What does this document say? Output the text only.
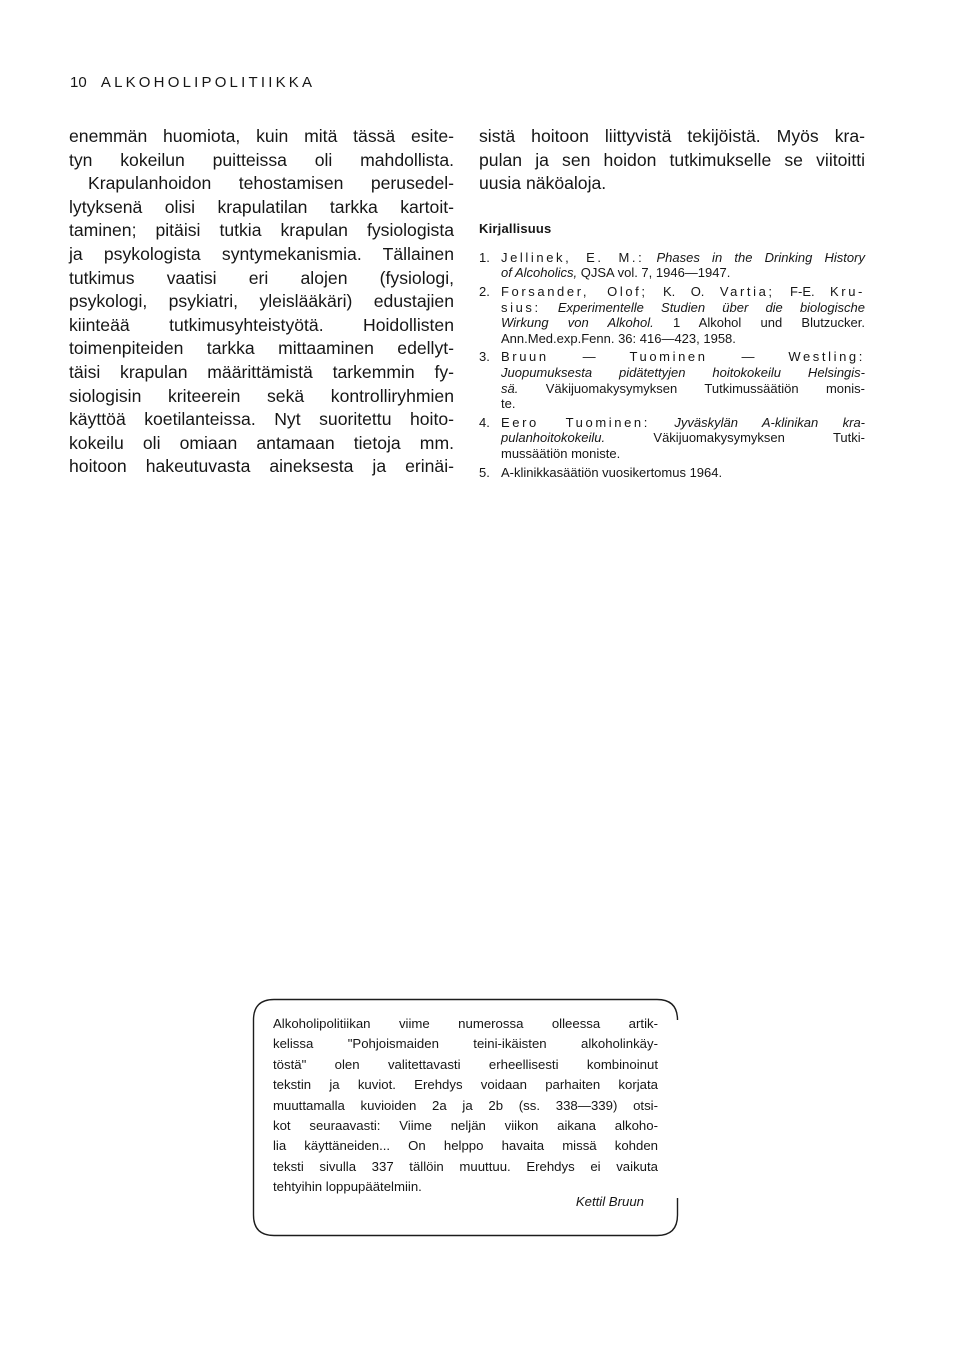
10 ALKOHOLIPOLITIIKKA
enemmän huomiota, kuin mitä tässä esite-
tyn kokeilun puitteissa oli mahdollista.
Krapulanhoidon tehostamisen perusedel-
lytyksenä olisi krapulatilan tarkka kartoit-
taminen; pitäisi tutkia krapulan fysiologista
ja psykologista syntymekanismia. Tällainen
tutkimus vaatisi eri alojen (fysiologi,
psykologi, psykiatri, yleislääkäri) edustajien
kiinteää tutkimusyhteistyötä. Hoidollisten
toimenpiteiden tarkka mittaaminen edellyt-
täisi krapulan määrittämistä tarkemmin fy-
siologisin kriteerein sekä kontrolliryhmien
käyttöä koetilanteissa. Nyt suoritettu hoito-
kokeilu oli omiaan antamaan tietoja mm.
hoitoon hakeutuvasta aineksesta ja erinäi-
sistä hoitoon liittyvistä tekijöistä. Myös kra-
pulan ja sen hoidon tutkimukselle se viitoitti
uusia näköaloja.
Kirjallisuus
1. Jellinek, E. M.: Phases in the Drinking History
of Alcoholics, QJSA vol. 7, 1946—1947.
2. Forsander, Olof; K. O. Vartia; F-E. Kru-
sius: Experimentelle Studien über die biologische
Wirkung von Alkohol. 1 Alkohol und Blutzucker.
Ann.Med.exp.Fenn. 36: 416—423, 1958.
3. Bruun	—	Tuominen	—	Westling:
Juopumuksesta pidätettyjen hoitokokeilu Helsingis-
sä. Väkijuomakysymyksen Tutkimussäätiön monis-
te.
4. Eero Tuominen: Jyväskylän A-klinikan kra-
pulanhoitokokeilu.	Väkijuomakysymyksen Tutki-
mussäätiön moniste.
5. A-klinikkasäätiön vuosikertomus 1964.
Alkoholipolitiikan viime numerossa olleessa artik-
kelissa "Pohjoismaiden teini-ikäisten alkoholinkäy-
töstä" olen valitettavasti erheellisesti kombinoinut
tekstin ja kuviot. Erehdys voidaan parhaiten korjata
muuttamalla kuvioiden 2a ja 2b (ss. 338—339) otsi-
kot seuraavasti: Viime neljän viikon aikana alkoho-
lia käyttäneiden... On helppo havaita missä kohden
teksti sivulla 337 tällöin muuttuu. Erehdys ei vaikuta
tehtyihin loppupäätelmiin.
Kettil Bruun
